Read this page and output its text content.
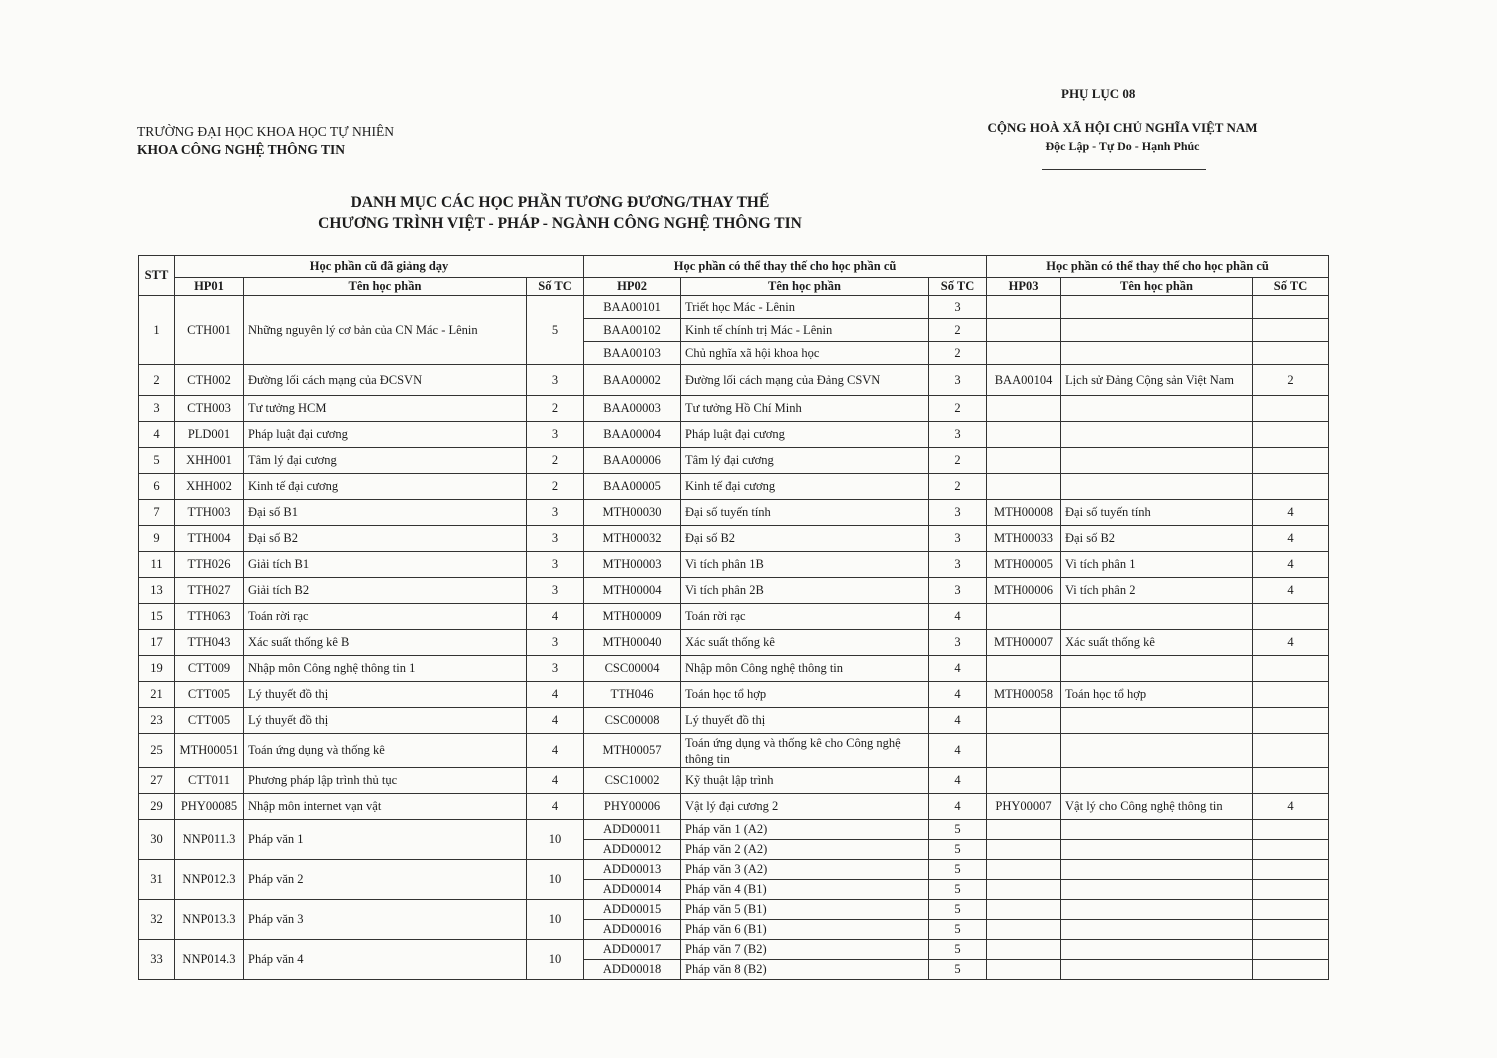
PHỤ LỤC 08
TRƯỜNG ĐẠI HỌC KHOA HỌC TỰ NHIÊN
KHOA CÔNG NGHỆ THÔNG TIN
CỘNG HOÀ XÃ HỘI CHỦ NGHĨA VIỆT NAM
Độc Lập - Tự Do - Hạnh Phúc
DANH MỤC CÁC HỌC PHẦN TƯƠNG ĐƯƠNG/THAY THẾ
CHƯƠNG TRÌNH VIỆT - PHÁP - NGÀNH CÔNG NGHỆ THÔNG TIN
STT	Học phần cũ đã giảng dạy			Học phần có thể thay thế cho học phần cũ			Học phần có thể thay thế cho học phần cũ		
	HP01	Tên học phần	Số TC	HP02	Tên học phần	Số TC	HP03	Tên học phần	Số TC
1	CTH001	Những nguyên lý cơ bản của CN Mác - Lênin	5	BAA00101	Triết học Mác - Lênin	3			
				BAA00102	Kinh tế chính trị Mác - Lênin	2			
				BAA00103	Chủ nghĩa xã hội khoa học	2			
2	CTH002	Đường lối cách mạng của ĐCSVN	3	BAA00002	Đường lối cách mạng của Đảng CSVN	3	BAA00104	Lịch sử Đảng Cộng sản Việt Nam	2
3	CTH003	Tư tưởng HCM	2	BAA00003	Tư tưởng Hồ Chí Minh	2			
4	PLD001	Pháp luật đại cương	3	BAA00004	Pháp luật đại cương	3			
5	XHH001	Tâm lý đại cương	2	BAA00006	Tâm lý đại cương	2			
6	XHH002	Kinh tế đại cương	2	BAA00005	Kinh tế đại cương	2			
7	TTH003	Đại số B1	3	MTH00030	Đại số tuyến tính	3	MTH00008	Đại số tuyến tính	4
9	TTH004	Đại số B2	3	MTH00032	Đại số B2	3	MTH00033	Đại số B2	4
11	TTH026	Giải tích B1	3	MTH00003	Vi tích phân 1B	3	MTH00005	Vi tích phân 1	4
13	TTH027	Giải tích B2	3	MTH00004	Vi tích phân 2B	3	MTH00006	Vi tích phân 2	4
15	TTH063	Toán rời rạc	4	MTH00009	Toán rời rạc	4			
17	TTH043	Xác suất thống kê B	3	MTH00040	Xác suất thống kê	3	MTH00007	Xác suất thống kê	4
19	CTT009	Nhập môn Công nghệ thông tin 1	3	CSC00004	Nhập môn Công nghệ thông tin	4			
21	CTT005	Lý thuyết đồ thị	4	TTH046	Toán học tổ hợp	4	MTH00058	Toán học tổ hợp	
23	CTT005	Lý thuyết đồ thị	4	CSC00008	Lý thuyết đồ thị	4			
25	MTH00051	Toán ứng dụng và thống kê	4	MTH00057	Toán ứng dụng và thống kê cho Công nghệ thông tin	4			
27	CTT011	Phương pháp lập trình thủ tục	4	CSC10002	Kỹ thuật lập trình	4			
29	PHY00085	Nhập môn internet vạn vật	4	PHY00006	Vật lý đại cương 2	4	PHY00007	Vật lý cho Công nghệ thông tin	4
30	NNP011.3	Pháp văn 1	10	ADD00011	Pháp văn 1 (A2)	5			
				ADD00012	Pháp văn 2 (A2)	5			
31	NNP012.3	Pháp văn 2	10	ADD00013	Pháp văn 3 (A2)	5			
				ADD00014	Pháp văn 4 (B1)	5			
32	NNP013.3	Pháp văn 3	10	ADD00015	Pháp văn 5 (B1)	5			
				ADD00016	Pháp văn 6 (B1)	5			
33	NNP014.3	Pháp văn 4	10	ADD00017	Pháp văn 7 (B2)	5			
				ADD00018	Pháp văn 8 (B2)	5			
